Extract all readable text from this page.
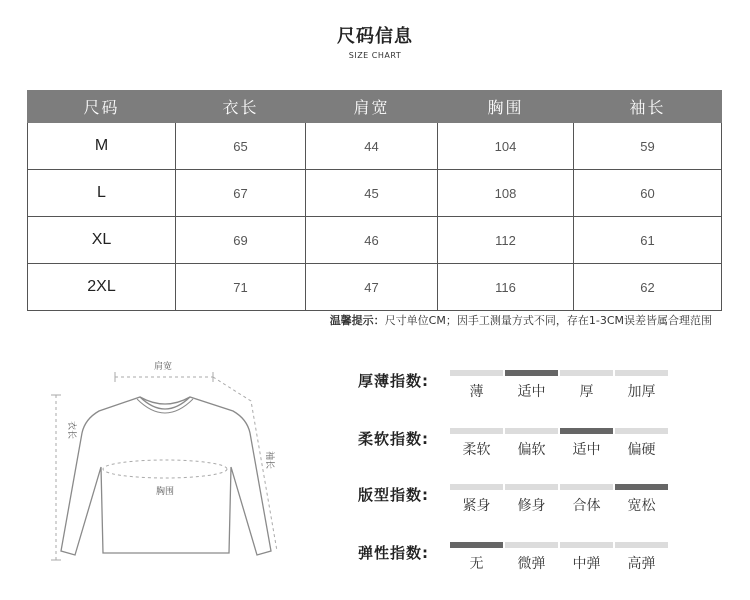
尺码信息
SIZE CHART
尺码	衣长	肩宽	胸围	袖长
M	65	44	104	59
L	67	45	108	60
XL	69	46	112	61
2XL	71	47	116	62
温馨提示：尺寸单位CM；因手工测量方式不同，存在1-3CM误差皆属合理范围
肩宽
衣长
袖长
胸围
厚薄指数:
薄	适中	厚	加厚
柔软指数:
柔软	偏软	适中	偏硬
版型指数:
紧身	修身	合体	宽松
弹性指数:
无	微弹	中弹	高弹
